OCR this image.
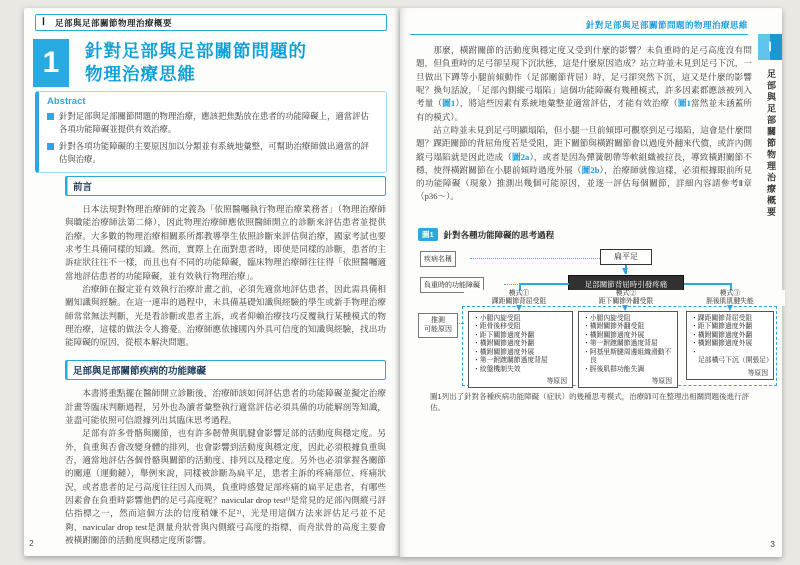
Ⅰ 足部與足部關節物理治療概要
1	針對足部與足部關節問題的
物理治療思維
Abstract
針對足部與足部關節問題的物理治療，應該把焦點放在患者的功能障礙上，適當評估各項功能障礙並提供有效治療。
針對各項功能障礙的主要原因加以分類並有系統地彙整，可幫助治療師做出適當的評估與治療。
前言

日本法規對物理治療師的定義為「依照醫囑執行物理治療業務者」（物理治療師與職能治療師法第二條），因此物理治療師應依照醫師開立的診斷來評估患者並提供治療。大多數的物理治療相關系所都教導學生依照診斷來評估與治療，國家考試也要求考生具備同樣的知識。然而，實際上在面對患者時，即使是同樣的診斷，患者的主訴症狀往往不一樣，而且也有不同的功能障礙，臨床物理治療師往往得「依照醫囑適當地評估患者的功能障礙，並有效執行物理治療」。

治療師在擬定並有效執行治療計畫之前，必須先適當地評估患者，因此需具備相關知識與經驗。在這一連串的過程中，未具備基礎知識與經驗的學生或新手物理治療師常常無法判斷，光是看診斷或患者主訴，或者仰賴治療技巧反覆執行某種模式的物理治療，這樣的做法令人擔憂。治療師應依據國內外具可信度的知識與經驗，找出功能障礙的原因，從根本解決問題。

足部與足部關節疾病的功能障礙

本書將重點擺在醫師開立診斷後，治療師該如何評估患者的功能障礙並擬定治療計畫等臨床判斷過程，另外也為讀者彙整執行適當評估必須具備的功能解剖等知識，並盡可能依照可信證據列出其臨床思考過程。

足部有許多骨骼與關節，也有許多韌帶與肌腱會影響足部的活動度與穩定度。另外，負重與否會改變身體的排列，也會影響到活動度與穩定度，因此必須根據負重與否，適當地評估各個骨骼與關節的活動度、排列以及穩定度。另外也必須掌握各關節的關連（運動鏈），舉例來說，同樣被診斷為扁平足，患者主訴的疼痛部位、疼痛狀況，或者患者的足弓高度往往因人而異，負重時感覺足部疼痛的扁平足患者，有哪些因素會在負重時影響他們的足弓高度呢？navicular drop test¹⁾是常見的足部內側縱弓評估指標之一，然而這個方法的信度稍嫌不足²⁾，光是用這個方法來評估足弓並不足夠，navicular drop test是測量舟狀骨與內側縱弓高度的指標，而舟狀骨的高度主要會被橫跗關節的活動度與穩定度所影響。

2
針對足部與足部關節問題的物理治療思維
Ⅰ
足部與足部關節物理治療概要

那麼，橫跗關節的活動度與穩定度又受到什麼的影響？未負重時的足弓高度沒有問題，但負重時的足弓卻呈現下沉狀態，這是什麼原因造成？站立時並未見到足弓下沉，一旦做出下蹲等小腿前傾動作（足部關節背屈）時，足弓卻突然下沉，這又是什麼的影響呢？換句話說，「足部內側縱弓塌陷」這個功能障礙有幾種模式，許多因素都應該被列入考量（圖1），將這些因素有系統地彙整並適當評估，才能有效治療（圖1當然並未涵蓋所有的模式）。

站立時並未見到足弓明顯塌陷，但小腿一旦前傾即可觀察到足弓塌陷，這會是什麼問題？踝距關節的背屈角度若是受阻，距下關節與橫跗關節會以過度外翻來代償，或許內側縱弓塌陷就是因此造成（圖2a），或者是因為彈簧韌帶等軟組織被拉長，導致橫跗關節不穩，使得橫跗關節在小腿前傾時過度外展（圖2b），治療師就像這樣，必須根據眼前所見的功能障礙（現象）推測出幾個可能原因，並逐一評估每個關節，詳細內容請參考Ⅱ章（p36～）。

圖1	針對各種功能障礙的思考過程
疾病名稱	扁平足
負重時的功能障礙	足部關節背屈時引發疼痛
模式①
踝距關節背屈受阻
模式②
距下關節外翻受限
模式③
脛後肌肌腱失能
推測
可能原因
・ 小腿內旋受阻
・ 距骨後移受阻
・ 距下關節過度外翻
・ 橫跗關節過度外翻
・ 橫跗關節過度外展
・ 第一跗蹠關節過度背屈
・ 絞盤機制失效
等原因
・ 小腿內旋受阻
・ 橫跗關節外翻受阻
・ 橫跗關節過度外展
・ 第一跗蹠關節過度背屈
・ 阿基里斯腱周邊組織滑動不良
・ 脛後肌群功能失調
等原因
・ 踝距關節背屈受阻
・ 距下關節過度外翻
・ 橫跗關節過度外翻
・ 橫跗關節過度外展
・ 足部橫弓下沉（開張足）
等原因
圖1列出了針對各種疾病功能障礙（症狀）的幾種思考模式，治療師可在整理出相關問題後進行評估。
3
